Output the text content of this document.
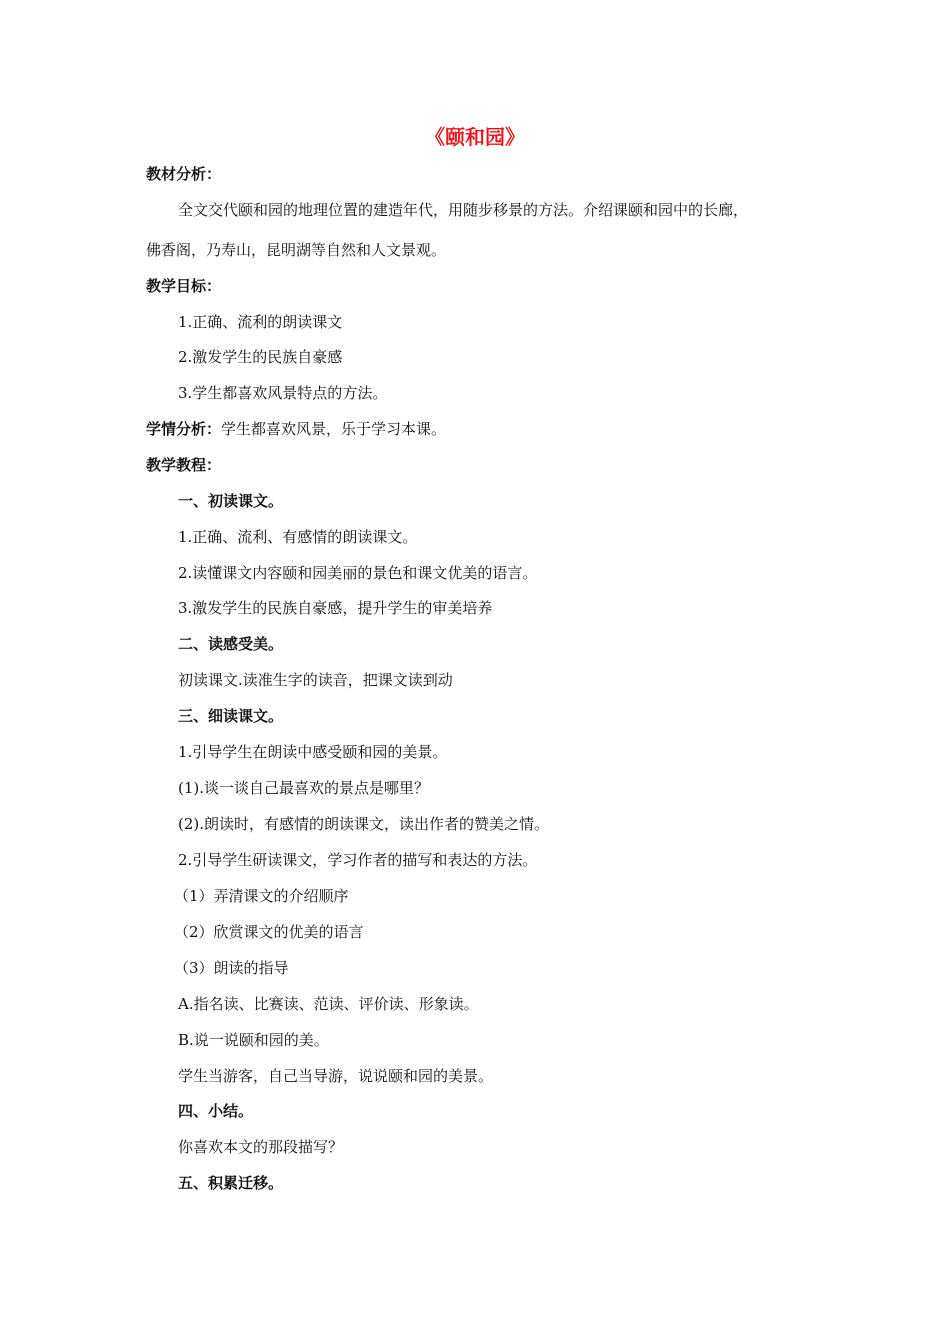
《颐和园》
教材分析：
全文交代颐和园的地理位置的建造年代，用随步移景的方法。介绍课颐和园中的长廊，
佛香阁，乃寿山，昆明湖等自然和人文景观。
教学目标：
1.正确、流利的朗读课文
2.激发学生的民族自豪感
3.学生都喜欢风景特点的方法。
学情分析：学生都喜欢风景，乐于学习本课。
教学教程：
一、初读课文。
1.正确、流利、有感情的朗读课文。
2.读懂课文内容颐和园美丽的景色和课文优美的语言。
3.激发学生的民族自豪感，提升学生的审美培养
二、读感受美。
初读课文.读准生字的读音，把课文读到动
三、细读课文。
1.引导学生在朗读中感受颐和园的美景。
(1).谈一谈自己最喜欢的景点是哪里？
(2).朗读时，有感情的朗读课文，读出作者的赞美之情。
2.引导学生研读课文，学习作者的描写和表达的方法。
（1）弄清课文的介绍顺序
（2）欣赏课文的优美的语言
（3）朗读的指导
A.指名读、比赛读、范读、评价读、形象读。
B.说一说颐和园的美。
学生当游客，自己当导游，说说颐和园的美景。
四、小结。
你喜欢本文的那段描写？
五、积累迁移。
